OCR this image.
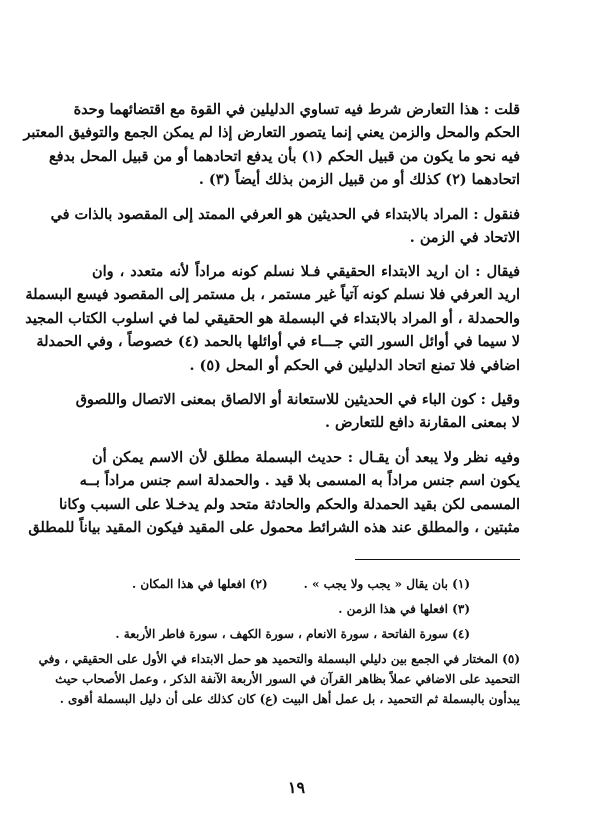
قلت : هذا التعارض شرط فيه تساوي الدليلين في القوة مع اقتضائهما وحدة
الحكم والمحل والزمن يعني إنما يتصور التعارض إذا لم يمكن الجمع والتوفيق المعتبر
فيه نحو ما يكون من قبيل الحكم (١) بأن يدفع اتحادهما أو من قبيل المحل بدفع
اتحادهما (٢) كذلك أو من قبيل الزمن بذلك أيضاً (٣) .
فنقول : المراد بالابتداء في الحديثين هو العرفي الممتد إلى المقصود بالذات في
الاتحاد في الزمن .
فيقال : ان اريد الابتداء الحقيقي فـلا نسلم كونه مراداً لأنه متعدد ، وان
اريد العرفي فلا نسلم كونه آتياً غير مستمر ، بل مستمر إلى المقصود فيسع البسملة
والحمدلة ، أو المراد بالابتداء في البسملة هو الحقيقي لما في اسلوب الكتاب المجيد
لا سيما في أوائل السور التي جـــاء في أوائلها بالحمد (٤) خصوصاً ، وفي الحمدلة
اضافي فلا تمنع اتحاد الدليلين في الحكم أو المحل (٥) .
وقيل : كون الباء في الحديثين للاستعانة أو الالصاق بمعنى الاتصال واللصوق
لا بمعنى المقارنة دافع للتعارض .
وفيه نظر ولا يبعد أن يقـال : حديث البسملة مطلق لأن الاسم يمكن أن
يكون اسم جنس مراداً به المسمى بلا قيد . والحمدلة اسم جنس مراداً بــه
المسمى لكن بقيد الحمدلة والحكم والحادثة متحد ولم يدخـلا على السبب وكانا
مثبتين ، والمطلق عند هذه الشرائط محمول على المقيد فيكون المقيد بياناً للمطلق
(١) بان يقال « يجب ولا يجب » .
(٢) افعلها في هذا المكان .
(٣) افعلها في هذا الزمن .
(٤) سورة الفاتحة ، سورة الانعام ، سورة الكهف ، سورة فاطر الأربعة .
(٥) المختار في الجمع بين دليلي البسملة والتحميد هو حمل الابتداء في الأول على الحقيقي ، وفي
التحميد على الاضافي عملاً بظاهر القرآن في السور الأربعة الآنفة الذكر ، وعمل الأصحاب حيث
يبدأون بالبسملة ثم التحميد ، بل عمل أهل البيت (ع) كان كذلك على أن دليل البسملة أقوى .
١٩
